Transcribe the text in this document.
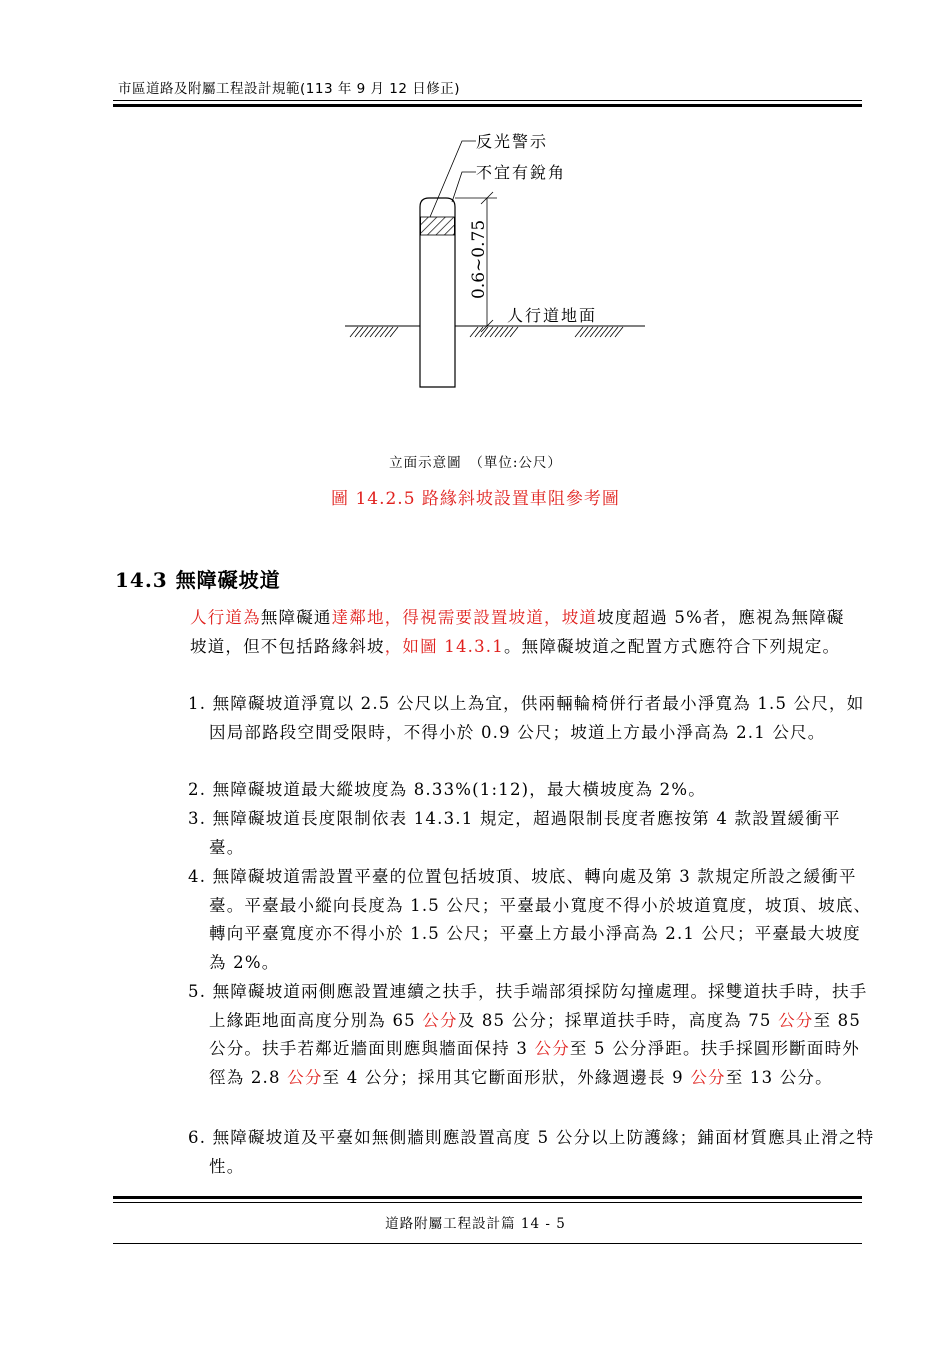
市區道路及附屬工程設計規範(113 年 9 月 12 日修正)
反光警示
不宜有銳角
0.6~0.75
人行道地面
立面示意圖　（單位:公尺）
圖 14.2.5 路緣斜坡設置車阻參考圖
14.3 無障礙坡道
人行道為無障礙通達鄰地，得視需要設置坡道，坡道坡度超過 5%者，應視為無障礙坡道，但不包括路緣斜坡，如圖 14.3.1。無障礙坡道之配置方式應符合下列規定。
1. 無障礙坡道淨寬以 2.5 公尺以上為宜，供兩輛輪椅併行者最小淨寬為 1.5 公尺，如因局部路段空間受限時，不得小於 0.9 公尺；坡道上方最小淨高為 2.1 公尺。
2. 無障礙坡道最大縱坡度為 8.33%(1:12)，最大橫坡度為 2%。
3. 無障礙坡道長度限制依表 14.3.1 規定，超過限制長度者應按第 4 款設置緩衝平臺。
4. 無障礙坡道需設置平臺的位置包括坡頂、坡底、轉向處及第 3 款規定所設之緩衝平臺。平臺最小縱向長度為 1.5 公尺；平臺最小寬度不得小於坡道寬度，坡頂、坡底、轉向平臺寬度亦不得小於 1.5 公尺；平臺上方最小淨高為 2.1 公尺；平臺最大坡度為 2%。
5. 無障礙坡道兩側應設置連續之扶手，扶手端部須採防勾撞處理。採雙道扶手時，扶手上緣距地面高度分別為 65 公分及 85 公分；採單道扶手時，高度為 75 公分至 85 公分。扶手若鄰近牆面則應與牆面保持 3 公分至 5 公分淨距。扶手採圓形斷面時外徑為 2.8 公分至 4 公分；採用其它斷面形狀，外緣週邊長 9 公分至 13 公分。
6. 無障礙坡道及平臺如無側牆則應設置高度 5 公分以上防護緣；鋪面材質應具止滑之特性。
道路附屬工程設計篇 14 - 5
